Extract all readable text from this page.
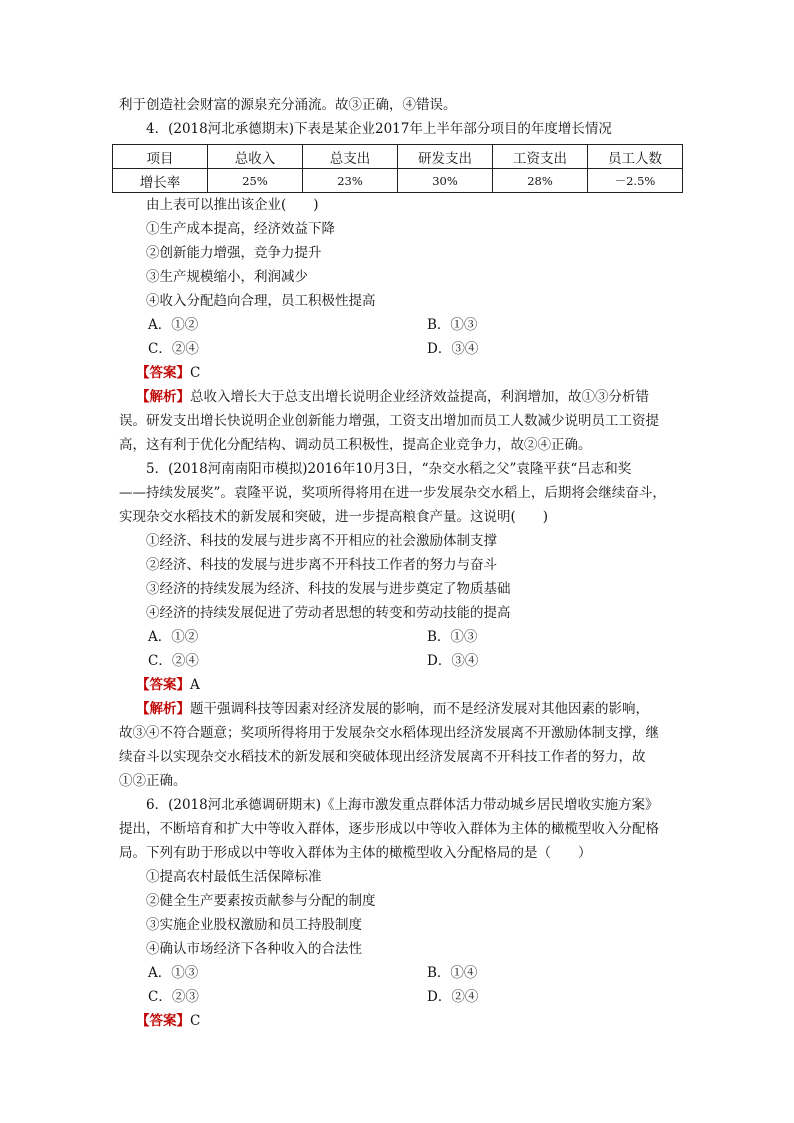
利于创造社会财富的源泉充分涌流。故③正确，④错误。
4．(2018河北承德期末)下表是某企业2017年上半年部分项目的年度增长情况
项目	总收入	总支出	研发支出	工资支出	员工人数
增长率	25%	23%	30%	28%	－2.5%
由上表可以推出该企业(　　)
①生产成本提高，经济效益下降
②创新能力增强，竞争力提升
③生产规模缩小，利润减少
④收入分配趋向合理，员工积极性提高
A．①②	B．①③
C．②④	D．③④
【答案】C
【解析】总收入增长大于总支出增长说明企业经济效益提高，利润增加，故①③分析错
误。研发支出增长快说明企业创新能力增强，工资支出增加而员工人数减少说明员工工资提
高，这有利于优化分配结构、调动员工积极性，提高企业竞争力，故②④正确。
5．(2018河南南阳市模拟)2016年10月3日，“杂交水稻之父”袁隆平获“吕志和奖
——持续发展奖”。袁隆平说，奖项所得将用在进一步发展杂交水稻上，后期将会继续奋斗，
实现杂交水稻技术的新发展和突破，进一步提高粮食产量。这说明(　　)
①经济、科技的发展与进步离不开相应的社会激励体制支撑
②经济、科技的发展与进步离不开科技工作者的努力与奋斗
③经济的持续发展为经济、科技的发展与进步奠定了物质基础
④经济的持续发展促进了劳动者思想的转变和劳动技能的提高
A．①②	B．①③
C．②④	D．③④
【答案】A
【解析】题干强调科技等因素对经济发展的影响，而不是经济发展对其他因素的影响，
故③④不符合题意；奖项所得将用于发展杂交水稻体现出经济发展离不开激励体制支撑，继
续奋斗以实现杂交水稻技术的新发展和突破体现出经济发展离不开科技工作者的努力，故
①②正确。
6．(2018河北承德调研期末)《上海市激发重点群体活力带动城乡居民增收实施方案》
提出，不断培育和扩大中等收入群体，逐步形成以中等收入群体为主体的橄榄型收入分配格
局。下列有助于形成以中等收入群体为主体的橄榄型收入分配格局的是（　　）
①提高农村最低生活保障标准
②健全生产要素按贡献参与分配的制度
③实施企业股权激励和员工持股制度
④确认市场经济下各种收入的合法性
A．①③	B．①④
C．②③	D．②④
【答案】C
